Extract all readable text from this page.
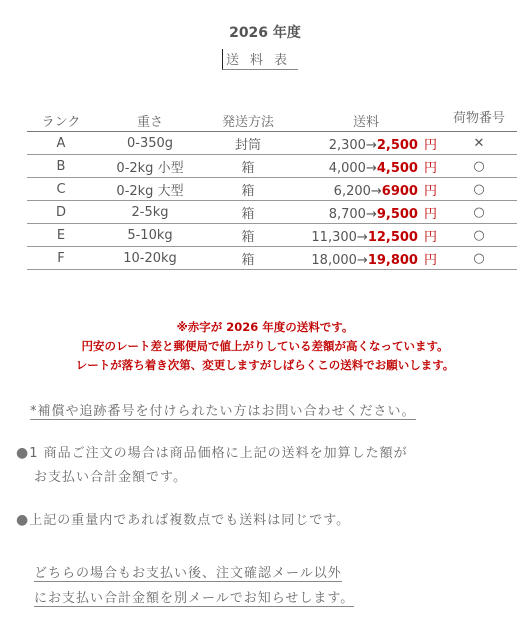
2026 年度
送料表
ランク	重さ	発送方法	送料	荷物番号
A	0-350g	封筒	2,300→2,500 円	✕
B	0-2kg 小型	箱	4,000→4,500 円	○
C	0-2kg 大型	箱	6,200→6900 円	○
D	2-5kg	箱	8,700→9,500 円	○
E	5-10kg	箱	11,300→12,500 円	○
F	10-20kg	箱	18,000→19,800 円	○
※赤字が 2026 年度の送料です。
円安のレート差と郵便局で値上がりしている差額が高くなっています。
レートが落ち着き次第、変更しますがしばらくこの送料でお願いします。
*補償や追跡番号を付けられたい方はお問い合わせください。
●1 商品ご注文の場合は商品価格に上記の送料を加算した額が
お支払い合計金額です。
●上記の重量内であれば複数点でも送料は同じです。
どちらの場合もお支払い後、注文確認メール以外
にお支払い合計金額を別メールでお知らせします。
